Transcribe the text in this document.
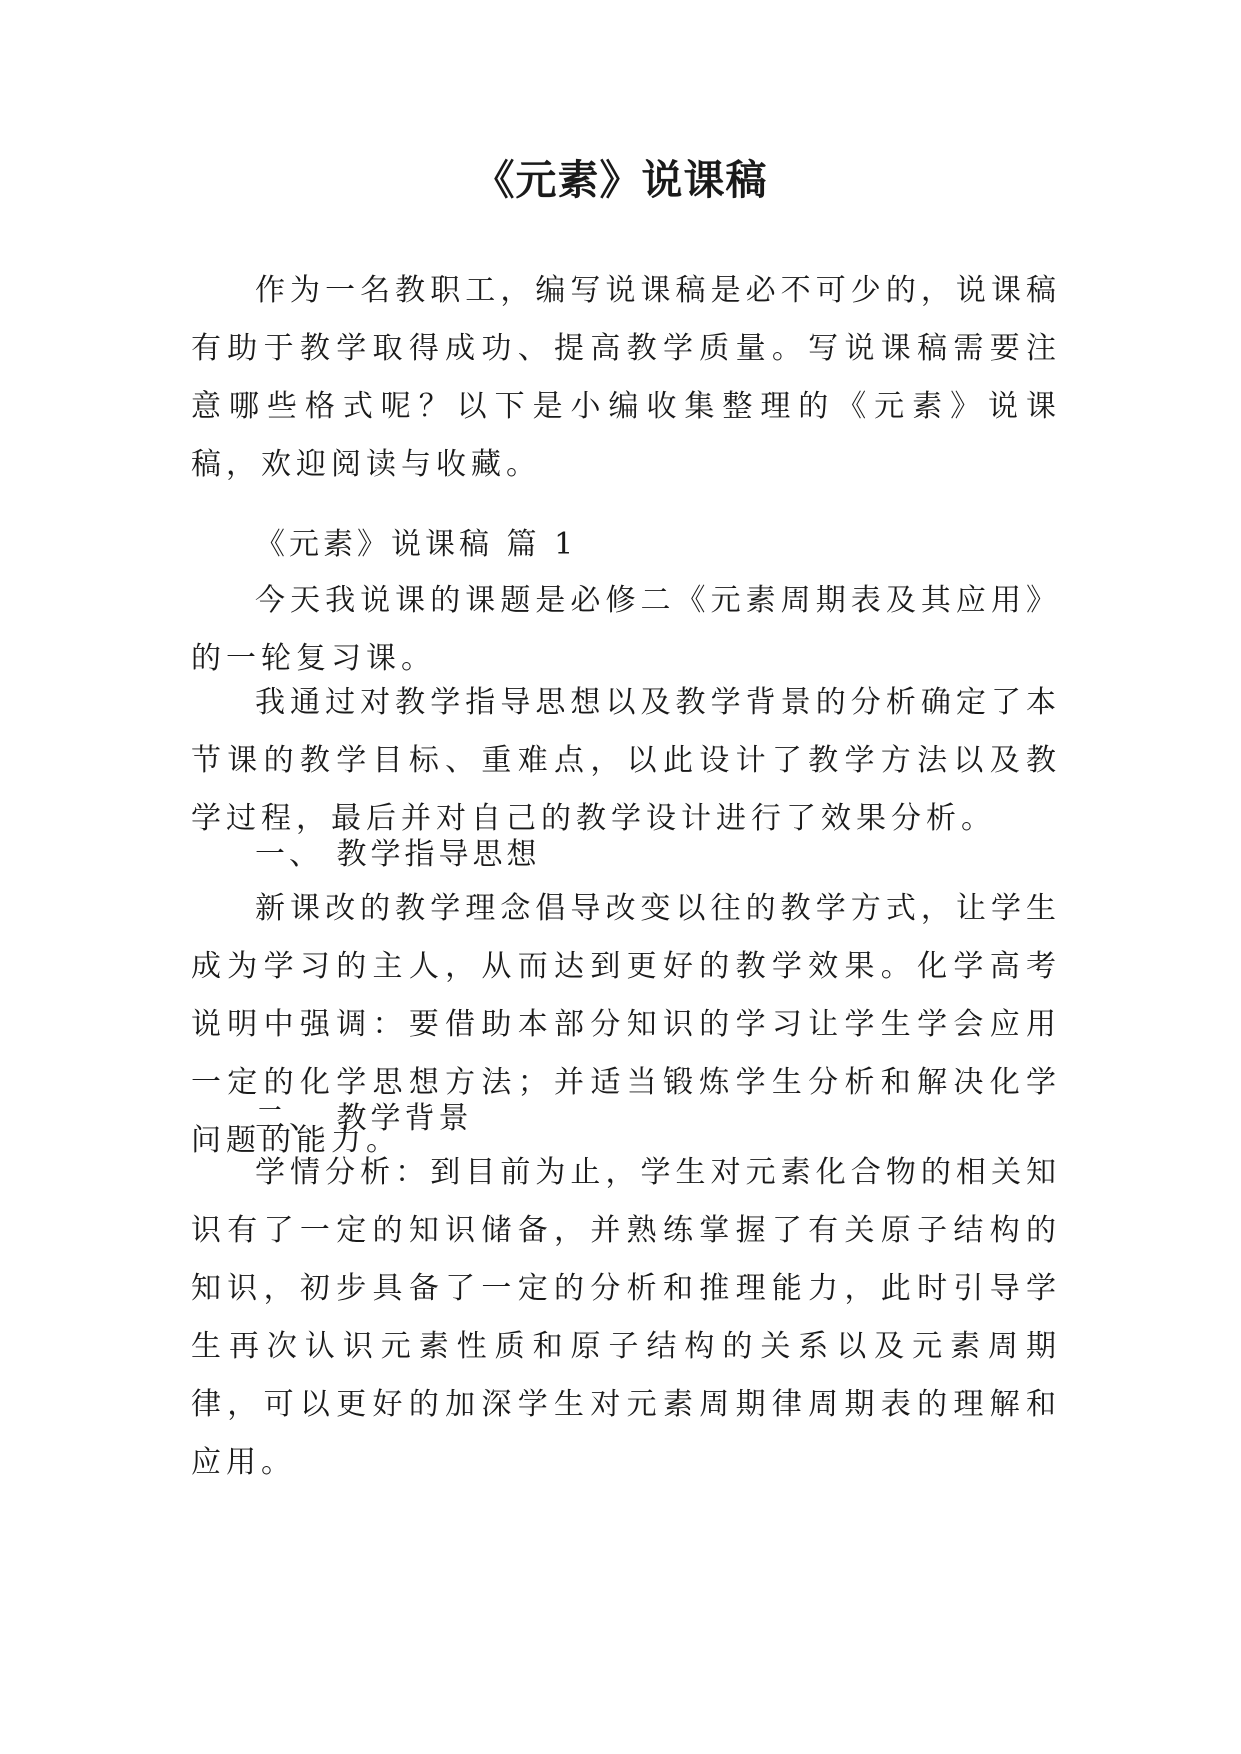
《元素》说课稿
作为一名教职工，编写说课稿是必不可少的，说课稿有助于教学取得成功、提高教学质量。写说课稿需要注意哪些格式呢？以下是小编收集整理的《元素》说课稿，欢迎阅读与收藏。
《元素》说课稿 篇 1
今天我说课的课题是必修二《元素周期表及其应用》的一轮复习课。
我通过对教学指导思想以及教学背景的分析确定了本节课的教学目标、重难点，以此设计了教学方法以及教学过程，最后并对自己的教学设计进行了效果分析。
一、 教学指导思想
新课改的教学理念倡导改变以往的教学方式，让学生成为学习的主人，从而达到更好的教学效果。化学高考说明中强调：要借助本部分知识的学习让学生学会应用一定的化学思想方法；并适当锻炼学生分析和解决化学问题的能力。
二、 教学背景
学情分析：到目前为止，学生对元素化合物的相关知识有了一定的知识储备，并熟练掌握了有关原子结构的知识，初步具备了一定的分析和推理能力，此时引导学生再次认识元素性质和原子结构的关系以及元素周期律，可以更好的加深学生对元素周期律周期表的理解和应用。
